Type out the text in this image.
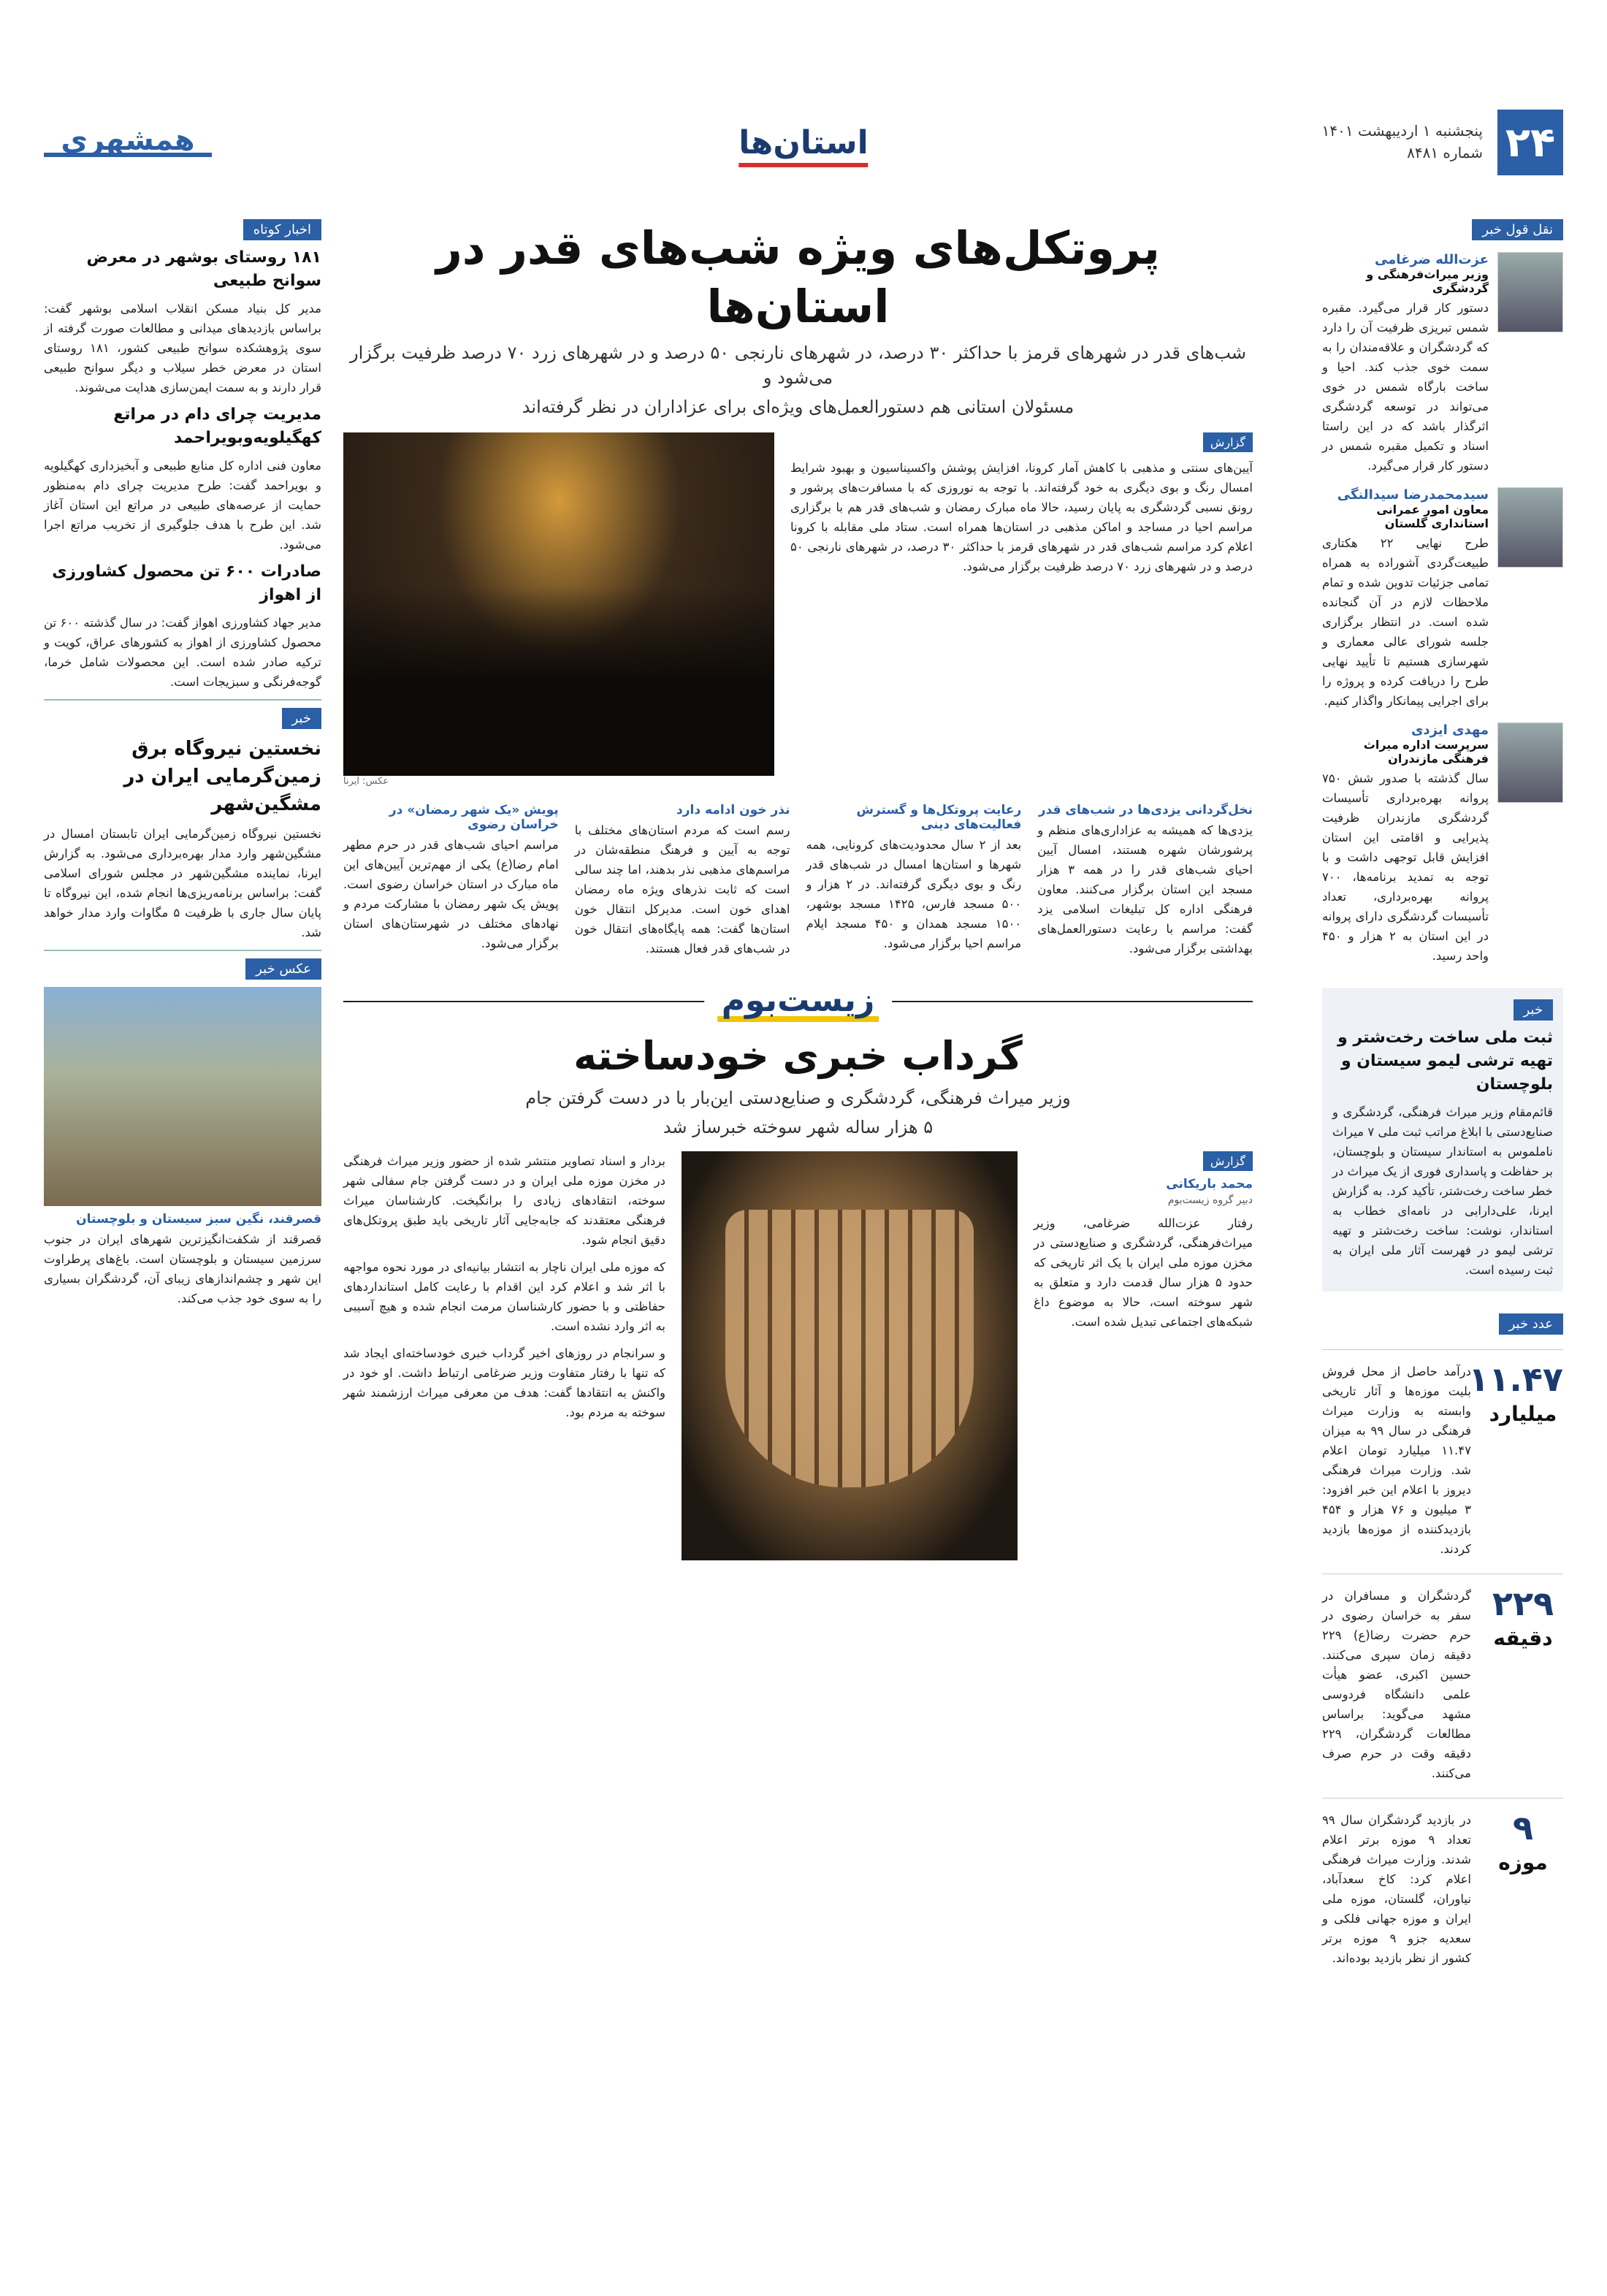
۲۴
پنجشنبه ۱ اردیبهشت ۱۴۰۱
شماره ۸۴۸۱
استان‌ها
همشهری
نقل قول خبر
عزت‌الله ضرغامی
وزیر میراث‌فرهنگی و گردشگری

دستور کار قرار می‌گیرد. مقبره شمس تبریزی ظرفیت آن را دارد که گردشگران و علاقه‌مندان را به سمت خوی جذب کند. احیا و ساخت بارگاه شمس در خوی می‌تواند در توسعه گردشگری اثرگذار باشد که در این راستا اسناد و تکمیل مقبره شمس در دستور کار قرار می‌گیرد.

سیدمحمدرضا سیدالنگی
معاون امور عمرانی استانداری گلستان

طرح نهایی ۲۲ هکتاری طبیعت‌گردی آشوراده به همراه تمامی جزئیات تدوین شده و تمام ملاحظات لازم در آن گنجانده شده است. در انتظار برگزاری جلسه شورای عالی معماری و شهرسازی هستیم تا تأیید نهایی طرح را دریافت کرده و پروژه را برای اجرایی پیمانکار واگذار کنیم.

مهدی ایزدی
سرپرست اداره میراث فرهنگی مازندران

سال گذشته با صدور شش ۷۵۰ پروانه بهره‌برداری تأسیسات گردشگری مازندران ظرفیت پذیرایی و اقامتی این استان افزایش قابل توجهی داشت و با توجه به تمدید برنامه‌ها، ۷۰۰ پروانه بهره‌برداری، تعداد تأسیسات گردشگری دارای پروانه در این استان به ۲ هزار و ۴۵۰ واحد رسید.

خبر
ثبت ملی ساخت رخت‌شتر و تهیه ترشی لیمو سیستان و بلوچستان

قائم‌مقام وزیر میراث فرهنگی، گردشگری و صنایع‌دستی با ابلاغ مراتب ثبت ملی ۷ میراث ناملموس به استاندار سیستان و بلوچستان، بر حفاظت و پاسداری فوری از یک میراث در خطر ساخت رخت‌شتر، تأکید کرد. به گزارش ایرنا، علی‌دارابی در نامه‌ای خطاب به استاندار، نوشت: ساخت رخت‌شتر و تهیه ترشی لیمو در فهرست آثار ملی ایران به ثبت رسیده است.

عدد خبر
۱۱.۴۷
میلیارد

درآمد حاصل از محل فروش بلیت موزه‌ها و آثار تاریخی وابسته به وزارت میراث فرهنگی در سال ۹۹ به میزان ۱۱.۴۷ میلیارد تومان اعلام شد. وزارت میراث فرهنگی دیروز با اعلام این خبر افزود: ۳ میلیون و ۷۶ هزار و ۴۵۴ بازدیدکننده از موزه‌ها بازدید کردند.

۲۲۹
دقیقه

گردشگران و مسافران در سفر به خراسان رضوی در حرم حضرت رضا(ع) ۲۲۹ دقیقه زمان سپری می‌کنند. حسین اکبری، عضو هیأت علمی دانشگاه فردوسی مشهد می‌گوید: براساس مطالعات گردشگران، ۲۲۹ دقیقه وقت در حرم صرف می‌کنند.

۹
موزه

در بازدید گردشگران سال ۹۹ تعداد ۹ موزه برتر اعلام شدند. وزارت میراث فرهنگی اعلام کرد: کاخ سعدآباد، نیاوران، گلستان، موزه ملی ایران و موزه جهانی فلکی و سعدیه جزو ۹ موزه برتر کشور از نظر بازدید بوده‌اند.

اخبار کوتاه
۱۸۱ روستای بوشهر در معرض سوانح طبیعی

مدیر کل بنیاد مسکن انقلاب اسلامی بوشهر گفت: براساس بازدیدهای میدانی و مطالعات صورت گرفته از سوی پژوهشکده سوانح طبیعی کشور، ۱۸۱ روستای استان در معرض خطر سیلاب و دیگر سوانح طبیعی قرار دارند و به سمت ایمن‌سازی هدایت می‌شوند.

مدیریت چرای دام در مراتع کهگیلویه‌وبویراحمد

معاون فنی اداره کل منابع طبیعی و آبخیزداری کهگیلویه و بویراحمد گفت: طرح مدیریت چرای دام به‌منظور حمایت از عرصه‌های طبیعی در مراتع این استان آغاز شد. این طرح با هدف جلوگیری از تخریب مراتع اجرا می‌شود.

صادرات ۶۰۰ تن محصول کشاورزی از اهواز

مدیر جهاد کشاورزی اهواز گفت: در سال گذشته ۶۰۰ تن محصول کشاورزی از اهواز به کشورهای عراق، کویت و ترکیه صادر شده است. این محصولات شامل خرما، گوجه‌فرنگی و سبزیجات است.

خبر
نخستین نیروگاه برق زمین‌گرمایی ایران در مشگین‌شهر

نخستین نیروگاه زمین‌گرمایی ایران تابستان امسال در مشگین‌شهر وارد مدار بهره‌برداری می‌شود. به گزارش ایرنا، نماینده مشگین‌شهر در مجلس شورای اسلامی گفت: براساس برنامه‌ریزی‌ها انجام شده، این نیروگاه تا پایان سال جاری با ظرفیت ۵ مگاوات وارد مدار خواهد شد.

عکس خبر
قصرقند، نگین سبز سیستان و بلوچستان

قصرقند از شکفت‌انگیزترین شهرهای ایران در جنوب سرزمین سیستان و بلوچستان است. باغ‌های پرطراوت این شهر و چشم‌اندازهای زیبای آن، گردشگران بسیاری را به سوی خود جذب می‌کند.

پروتکل‌های ویژه شب‌های قدر در استان‌ها
شب‌های قدر در شهرهای قرمز با حداکثر ۳۰ درصد، در شهرهای نارنجی ۵۰ درصد و در شهرهای زرد ۷۰ درصد ظرفیت برگزار می‌شود و
مسئولان استانی هم دستورالعمل‌های ویژه‌ای برای عزاداران در نظر گرفته‌اند
گزارش

آیین‌های سنتی و مذهبی با کاهش آمار کرونا، افزایش پوشش واکسیناسیون و بهبود شرایط امسال رنگ و بوی دیگری به خود گرفته‌اند. با توجه به نوروزی که با مسافرت‌های پرشور و رونق نسبی گردشگری به پایان رسید، حالا ماه مبارک رمضان و شب‌های قدر هم با برگزاری مراسم احیا در مساجد و اماکن مذهبی در استان‌ها همراه است. ستاد ملی مقابله با کرونا اعلام کرد مراسم شب‌های قدر در شهرهای قرمز با حداکثر ۳۰ درصد، در شهرهای نارنجی ۵۰ درصد و در شهرهای زرد ۷۰ درصد ظرفیت برگزار می‌شود.

عکس: ایرنا
نخل‌گردانی یزدی‌ها در شب‌های قدر

یزدی‌ها که همیشه به عزاداری‌های منظم و پرشورشان شهره هستند، امسال آیین احیای شب‌های قدر را در همه ۳ هزار مسجد این استان برگزار می‌کنند. معاون فرهنگی اداره کل تبلیغات اسلامی یزد گفت: مراسم با رعایت دستورالعمل‌های بهداشتی برگزار می‌شود.

رعایت پروتکل‌ها و گسترش فعالیت‌های دینی

بعد از ۲ سال محدودیت‌های کرونایی، همه شهرها و استان‌ها امسال در شب‌های قدر رنگ و بوی دیگری گرفته‌اند. در ۲ هزار و ۵۰۰ مسجد فارس، ۱۴۲۵ مسجد بوشهر، ۱۵۰۰ مسجد همدان و ۴۵۰ مسجد ایلام مراسم احیا برگزار می‌شود.

نذر خون ادامه دارد

رسم است که مردم استان‌های مختلف با توجه به آیین و فرهنگ منطقه‌شان در مراسم‌های مذهبی نذر بدهند، اما چند سالی است که ثابت نذرهای ویژه ماه رمضان اهدای خون است. مدیرکل انتقال خون استان‌ها گفت: همه پایگاه‌های انتقال خون در شب‌های قدر فعال هستند.

پویش «یک شهر رمضان» در خراسان رضوی

مراسم احیای شب‌های قدر در حرم مطهر امام رضا(ع) یکی از مهم‌ترین آیین‌های این ماه مبارک در استان خراسان رضوی است. پویش یک شهر رمضان با مشارکت مردم و نهادهای مختلف در شهرستان‌های استان برگزار می‌شود.

زیست‌بوم
گرداب خبری خودساخته
وزیر میراث فرهنگی، گردشگری و صنایع‌دستی این‌بار با در دست گرفتن جام
۵ هزار ساله شهر سوخته خبرساز شد
گزارش
محمد باریکانی
دبیر گروه زیست‌بوم

رفتار عزت‌الله ضرغامی، وزیر میراث‌فرهنگی، گردشگری و صنایع‌دستی در مخزن موزه ملی ایران با یک اثر تاریخی که حدود ۵ هزار سال قدمت دارد و متعلق به شهر سوخته است، حالا به موضوع داغ شبکه‌های اجتماعی تبدیل شده است.

بردار و اسناد تصاویر منتشر شده از حضور وزیر میراث فرهنگی در مخزن موزه ملی ایران و در دست گرفتن جام سفالی شهر سوخته، انتقادهای زیادی را برانگیخت. کارشناسان میراث فرهنگی معتقدند که جابه‌جایی آثار تاریخی باید طبق پروتکل‌های دقیق انجام شود.

که موزه ملی ایران ناچار به انتشار بیانیه‌ای در مورد نحوه مواجهه با اثر شد و اعلام کرد این اقدام با رعایت کامل استانداردهای حفاظتی و با حضور کارشناسان مرمت انجام شده و هیچ آسیبی به اثر وارد نشده است.

و سرانجام در روزهای اخیر گرداب خبری خودساخته‌ای ایجاد شد که تنها با رفتار متفاوت وزیر ضرغامی ارتباط داشت. او خود در واکنش به انتقادها گفت: هدف من معرفی میراث ارزشمند شهر سوخته به مردم بود.
